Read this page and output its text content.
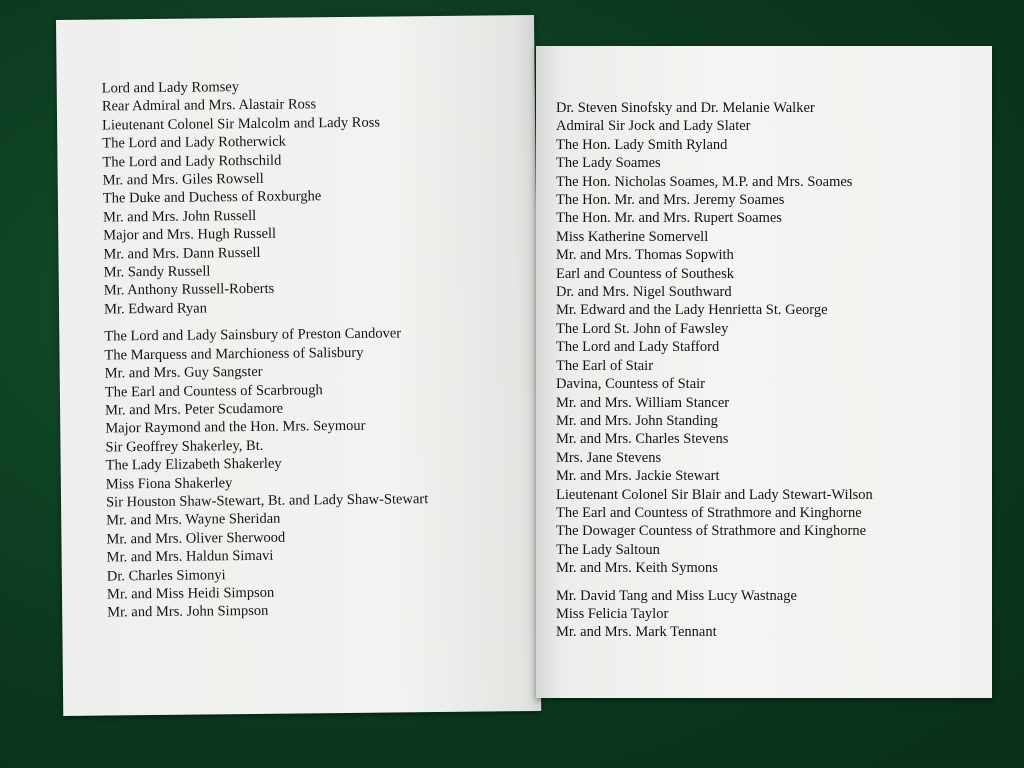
Lord and Lady Romsey
Rear Admiral and Mrs. Alastair Ross
Lieutenant Colonel Sir Malcolm and Lady Ross
The Lord and Lady Rotherwick
The Lord and Lady Rothschild
Mr. and Mrs. Giles Rowsell
The Duke and Duchess of Roxburghe
Mr. and Mrs. John Russell
Major and Mrs. Hugh Russell
Mr. and Mrs. Dann Russell
Mr. Sandy Russell
Mr. Anthony Russell-Roberts
Mr. Edward Ryan
The Lord and Lady Sainsbury of Preston Candover
The Marquess and Marchioness of Salisbury
Mr. and Mrs. Guy Sangster
The Earl and Countess of Scarbrough
Mr. and Mrs. Peter Scudamore
Major Raymond and the Hon. Mrs. Seymour
Sir Geoffrey Shakerley, Bt.
The Lady Elizabeth Shakerley
Miss Fiona Shakerley
Sir Houston Shaw-Stewart, Bt. and Lady Shaw-Stewart
Mr. and Mrs. Wayne Sheridan
Mr. and Mrs. Oliver Sherwood
Mr. and Mrs. Haldun Simavi
Dr. Charles Simonyi
Mr. and Miss Heidi Simpson
Mr. and Mrs. John Simpson
Dr. Steven Sinofsky and Dr. Melanie Walker
Admiral Sir Jock and Lady Slater
The Hon. Lady Smith Ryland
The Lady Soames
The Hon. Nicholas Soames, M.P. and Mrs. Soames
The Hon. Mr. and Mrs. Jeremy Soames
The Hon. Mr. and Mrs. Rupert Soames
Miss Katherine Somervell
Mr. and Mrs. Thomas Sopwith
Earl and Countess of Southesk
Dr. and Mrs. Nigel Southward
Mr. Edward and the Lady Henrietta St. George
The Lord St. John of Fawsley
The Lord and Lady Stafford
The Earl of Stair
Davina, Countess of Stair
Mr. and Mrs. William Stancer
Mr. and Mrs. John Standing
Mr. and Mrs. Charles Stevens
Mrs. Jane Stevens
Mr. and Mrs. Jackie Stewart
Lieutenant Colonel Sir Blair and Lady Stewart-Wilson
The Earl and Countess of Strathmore and Kinghorne
The Dowager Countess of Strathmore and Kinghorne
The Lady Saltoun
Mr. and Mrs. Keith Symons
Mr. David Tang and Miss Lucy Wastnage
Miss Felicia Taylor
Mr. and Mrs. Mark Tennant
